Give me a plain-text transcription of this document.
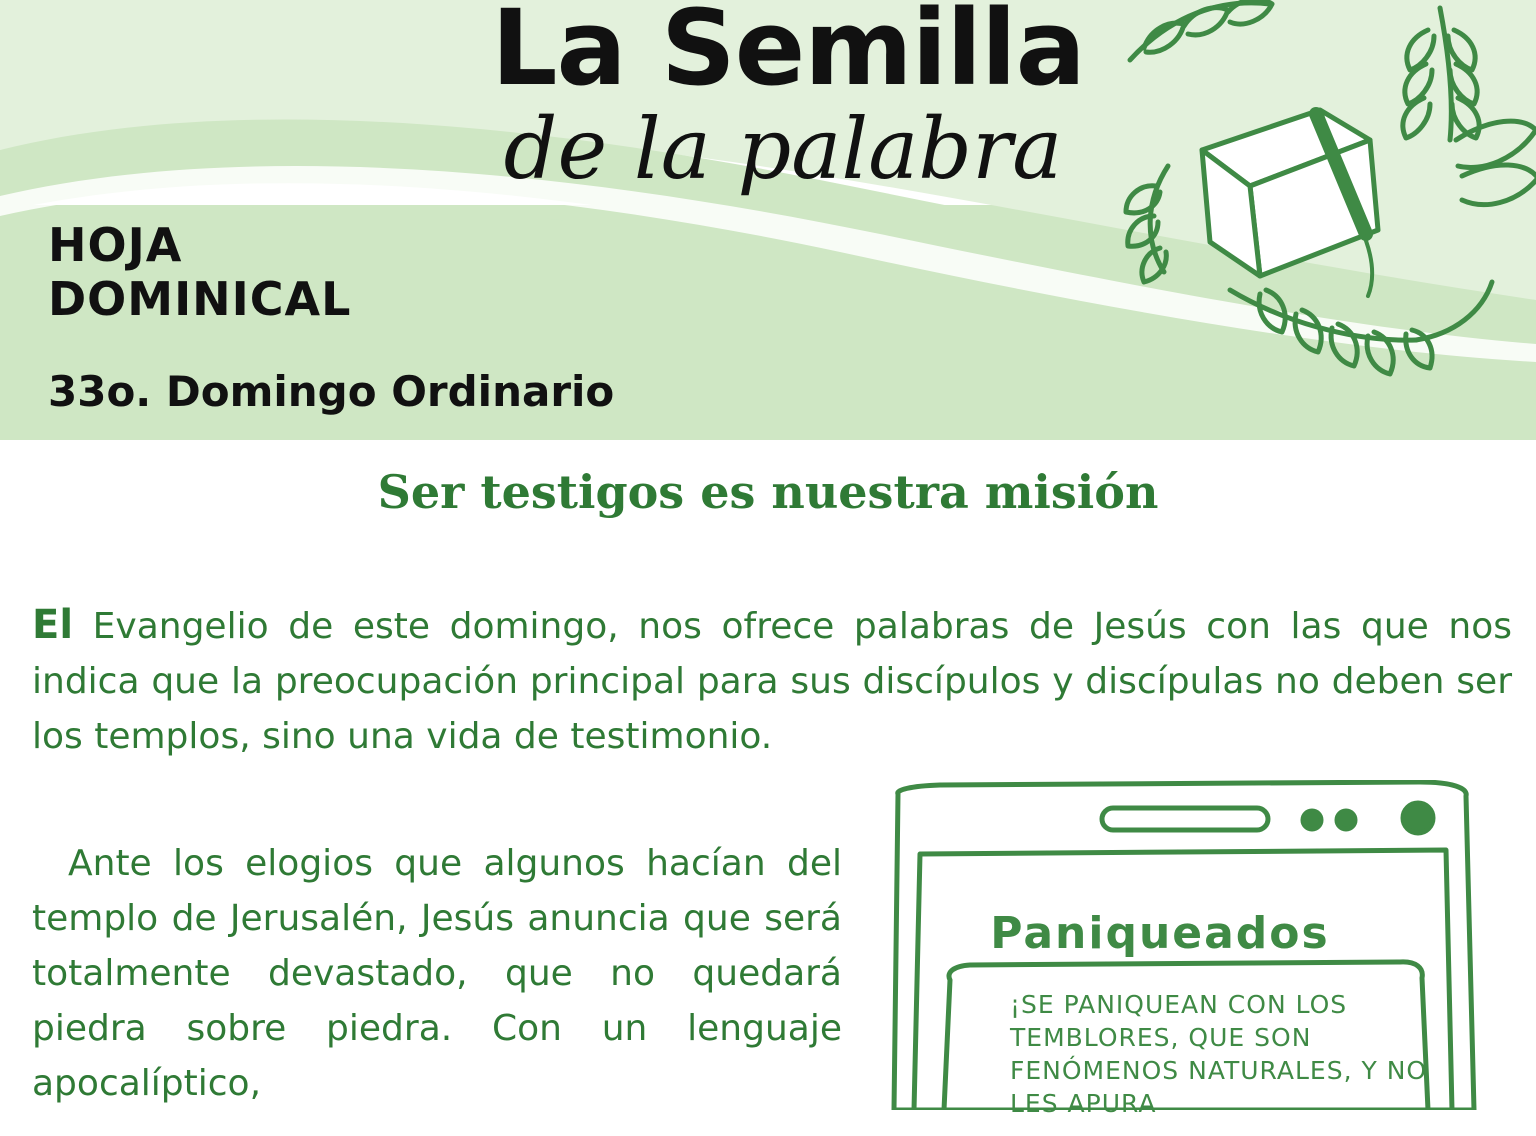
La Semilla
de la palabra
HOJA
DOMINICAL
33o. Domingo Ordinario
Ser testigos es nuestra misión

El Evangelio de este domingo, nos ofrece palabras de Jesús con las que nos indica que la preocupación principal para sus discípulos y discípulas no deben ser los templos, sino una vida de testimonio.

Ante los elogios que algunos hacían del templo de Jerusalén, Jesús anuncia que será totalmente devastado, que no quedará piedra sobre piedra. Con un lenguaje apocalíptico,

Paniqueados
¡SE PANIQUEAN CON LOS TEMBLORES, QUE SON FENÓMENOS NATURALES, Y NO LES APURA
